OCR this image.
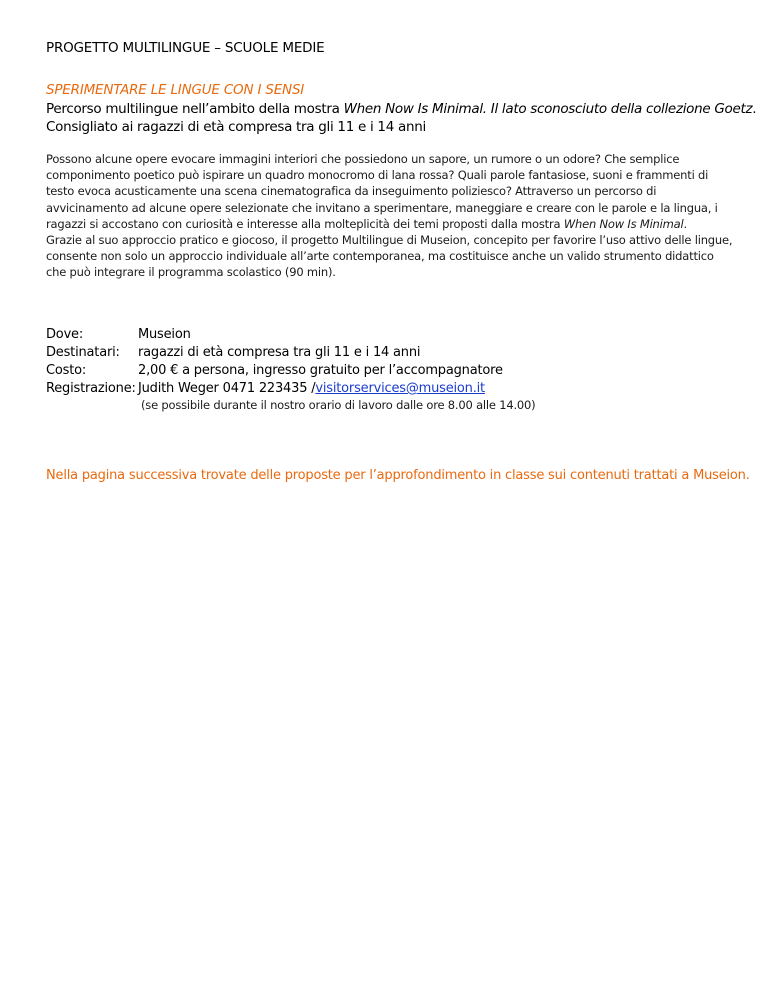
PROGETTO MULTILINGUE – SCUOLE MEDIE
SPERIMENTARE LE LINGUE CON I SENSI
Percorso multilingue nell’ambito della mostra When Now Is Minimal. Il lato sconosciuto della collezione Goetz.
Consigliato ai ragazzi di età compresa tra gli 11 e i 14 anni

Possono alcune opere evocare immagini interiori che possiedono un sapore, un rumore o un odore? Che semplice componimento poetico può ispirare un quadro monocromo di lana rossa? Quali parole fantasiose, suoni e frammenti di testo evoca acusticamente una scena cinematografica da inseguimento poliziesco? Attraverso un percorso di avvicinamento ad alcune opere selezionate che invitano a sperimentare, maneggiare e creare con le parole e la lingua, i ragazzi si accostano con curiosità e interesse alla molteplicità dei temi proposti dalla mostra When Now Is Minimal.

Grazie al suo approccio pratico e giocoso, il progetto Multilingue di Museion, concepito per favorire l’uso attivo delle lingue, consente non solo un approccio individuale all’arte contemporanea, ma costituisce anche un valido strumento didattico che può integrare il programma scolastico (90 min).

Dove:	Museion
Destinatari:	ragazzi di età compresa tra gli 11 e i 14 anni
Costo:	2,00 € a persona, ingresso gratuito per l’accompagnatore
Registrazione: Judith Weger 0471 223435 /visitorservices@museion.it
(se possibile durante il nostro orario di lavoro dalle ore 8.00 alle 14.00)
Nella pagina successiva trovate delle proposte per l’approfondimento in classe sui contenuti trattati a Museion.
